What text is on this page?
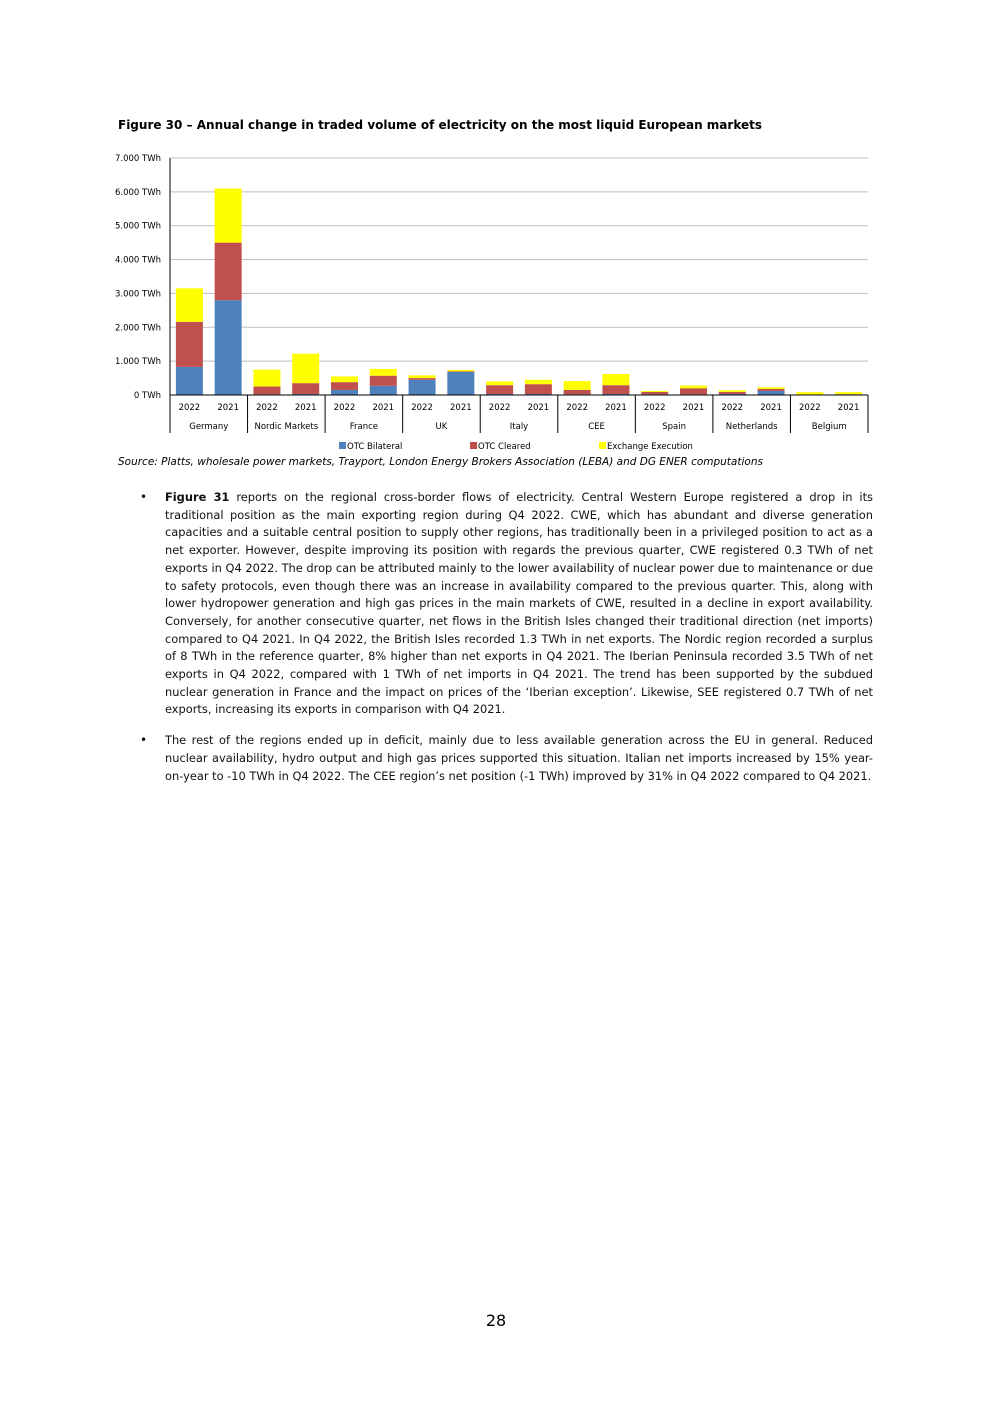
Figure 30 – Annual change in traded volume of electricity on the most liquid European markets
0 TWh
1.000 TWh
2.000 TWh
3.000 TWh
4.000 TWh
5.000 TWh
6.000 TWh
7.000 TWh
2022 2021 2022 2021 2022 2021 2022 2021 2022 2021 2022 2021 2022 2021 2022 2021 2022 2021
Germany	Nordic Markets	France	UK	Italy	CEE	Spain	Netherlands	Belgium
OTC Bilateral	OTC Cleared	Exchange Execution

Source: Platts, wholesale power markets, Trayport, London Energy Brokers Association (LEBA) and DG ENER computations

• Figure 31 reports on the regional cross-border flows of electricity. Central Western Europe registered a drop in its traditional position as the main exporting region during Q4 2022. CWE, which has abundant and diverse generation capacities and a suitable central position to supply other regions, has traditionally been in a privileged position to act as a net exporter. However, despite improving its position with regards the previous quarter, CWE registered 0.3 TWh of net exports in Q4 2022. The drop can be attributed mainly to the lower availability of nuclear power due to maintenance or due to safety protocols, even though there was an increase in availability compared to the previous quarter. This, along with lower hydropower generation and high gas prices in the main markets of CWE, resulted in a decline in export availability. Conversely, for another consecutive quarter, net flows in the British Isles changed their traditional direction (net imports) compared to Q4 2021. In Q4 2022, the British Isles recorded 1.3 TWh in net exports. The Nordic region recorded a surplus of 8 TWh in the reference quarter, 8% higher than net exports in Q4 2021. The Iberian Peninsula recorded 3.5 TWh of net exports in Q4 2022, compared with 1 TWh of net imports in Q4 2021. The trend has been supported by the subdued nuclear generation in France and the impact on prices of the ‘Iberian exception’. Likewise, SEE registered 0.7 TWh of net exports, increasing its exports in comparison with Q4 2021.

• The rest of the regions ended up in deficit, mainly due to less available generation across the EU in general. Reduced nuclear availability, hydro output and high gas prices supported this situation. Italian net imports increased by 15% year-on-year to -10 TWh in Q4 2022. The CEE region’s net position (-1 TWh) improved by 31% in Q4 2022 compared to Q4 2021.

28
